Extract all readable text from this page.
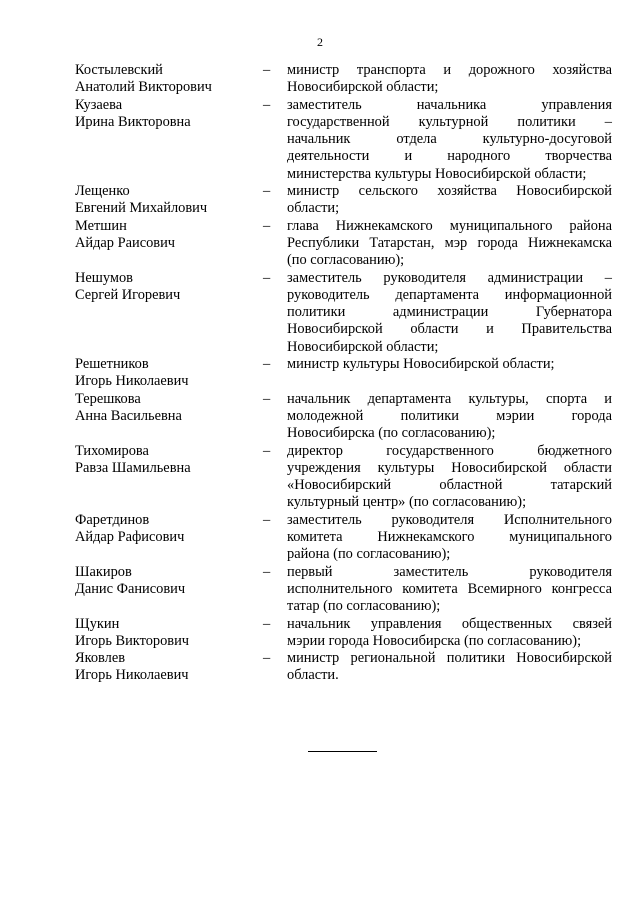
2
Костылевский
Анатолий Викторович
–	министр транспорта и дорожного хозяйства
Новосибирской области;
Кузаева
Ирина Викторовна
–	заместитель начальника управления
государственной культурной политики –
начальник отдела культурно-досуговой
деятельности и народного творчества
министерства культуры Новосибирской области;
Лещенко
Евгений Михайлович
–	министр сельского хозяйства Новосибирской
области;
Метшин
Айдар Раисович
–	глава Нижнекамского муниципального района
Республики Татарстан, мэр города Нижнекамска
(по согласованию);
Нешумов
Сергей Игоревич
–	заместитель руководителя администрации –
руководитель департамента информационной
политики администрации Губернатора
Новосибирской области и Правительства
Новосибирской области;
Решетников
Игорь Николаевич
–	министр культуры Новосибирской области;
Терешкова
Анна Васильевна
–	начальник департамента культуры, спорта и
молодежной политики мэрии города
Новосибирска (по согласованию);
Тихомирова
Равза Шамильевна
–	директор государственного бюджетного
учреждения культуры Новосибирской области
«Новосибирский областной татарский
культурный центр» (по согласованию);
Фаретдинов
Айдар Рафисович
–	заместитель руководителя Исполнительного
комитета Нижнекамского муниципального
района (по согласованию);
Шакиров
Данис Фанисович
–	первый заместитель руководителя
исполнительного комитета Всемирного конгресса
татар (по согласованию);
Щукин
Игорь Викторович
–	начальник управления общественных связей
мэрии города Новосибирска (по согласованию);
Яковлев
Игорь Николаевич
–	министр региональной политики Новосибирской
области.
